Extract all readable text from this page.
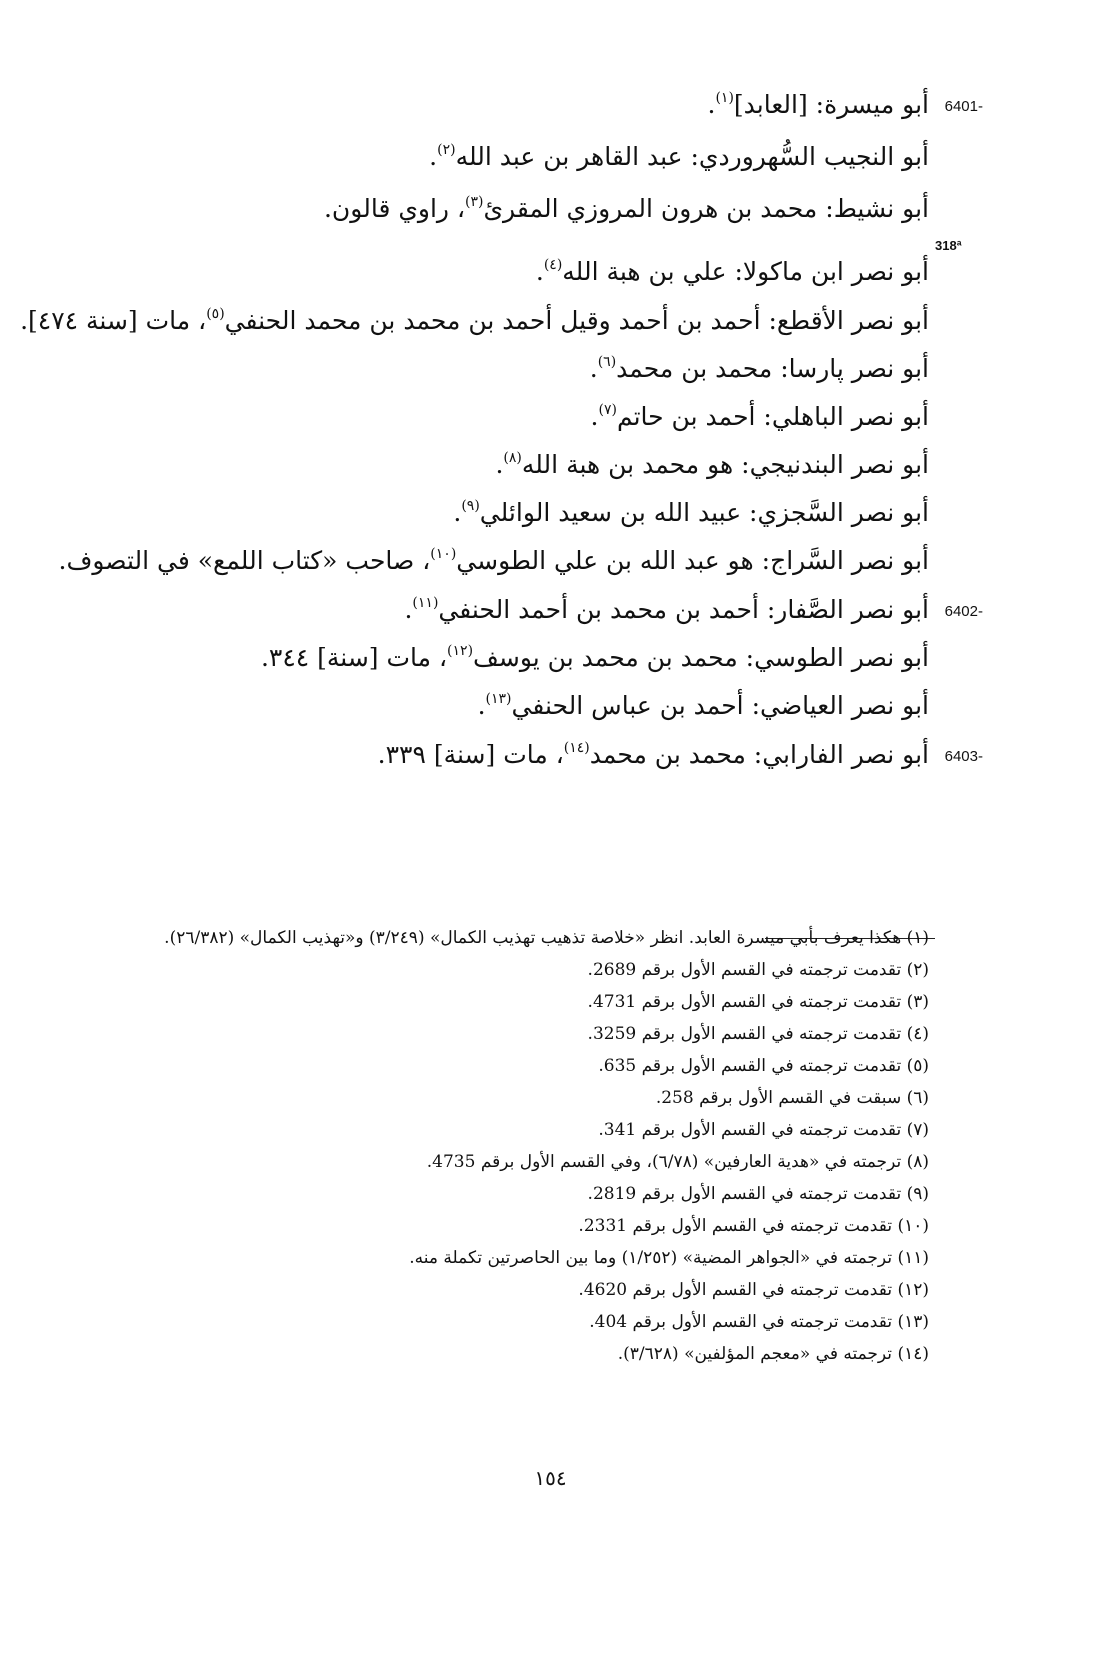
6401-
أبو ميسرة: [العابد]$^{(١)}$.
أبو النجيب السُّهروردي: عبد القاهر بن عبد الله$^{(٢)}$.
أبو نشيط: محمد بن هرون المروزي المقرئ$^{(٣)}$، راوي قالون.
318ª
أبو نصر ابن ماكولا: علي بن هبة الله$^{(٤)}$.
أبو نصر الأقطع: أحمد بن أحمد وقيل أحمد بن محمد بن محمد الحنفي$^{(٥)}$، مات [سنة ٤٧٤].
أبو نصر پارسا: محمد بن محمد$^{(٦)}$.
أبو نصر الباهلي: أحمد بن حاتم$^{(٧)}$.
أبو نصر البندنيجي: هو محمد بن هبة الله$^{(٨)}$.
أبو نصر السَّجزي: عبيد الله بن سعيد الوائلي$^{(٩)}$.
أبو نصر السَّراج: هو عبد الله بن علي الطوسي$^{(١٠)}$، صاحب «كتاب اللمع» في التصوف.
6402-
أبو نصر الصَّفار: أحمد بن محمد بن أحمد الحنفي$^{(١١)}$.
أبو نصر الطوسي: محمد بن محمد بن يوسف$^{(١٢)}$، مات [سنة] ٣٤٤.
أبو نصر العياضي: أحمد بن عباس الحنفي$^{(١٣)}$.
6403-
أبو نصر الفارابي: محمد بن محمد$^{(١٤)}$، مات [سنة] ٣٣٩.
(١) هكذا يعرف بأبي ميسرة العابد. انظر «خلاصة تذهيب تهذيب الكمال» (٣/٢٤٩) و«تهذيب الكمال» (٢٦/٣٨٢).
(٢) تقدمت ترجمته في القسم الأول برقم 2689.
(٣) تقدمت ترجمته في القسم الأول برقم 4731.
(٤) تقدمت ترجمته في القسم الأول برقم 3259.
(٥) تقدمت ترجمته في القسم الأول برقم 635.
(٦) سبقت في القسم الأول برقم 258.
(٧) تقدمت ترجمته في القسم الأول برقم 341.
(٨) ترجمته في «هدية العارفين» (٦/٧٨)، وفي القسم الأول برقم 4735.
(٩) تقدمت ترجمته في القسم الأول برقم 2819.
(١٠) تقدمت ترجمته في القسم الأول برقم 2331.
(١١) ترجمته في «الجواهر المضية» (١/٢٥٢) وما بين الحاصرتين تكملة منه.
(١٢) تقدمت ترجمته في القسم الأول برقم 4620.
(١٣) تقدمت ترجمته في القسم الأول برقم 404.
(١٤) ترجمته في «معجم المؤلفين» (٣/٦٢٨).
١٥٤
